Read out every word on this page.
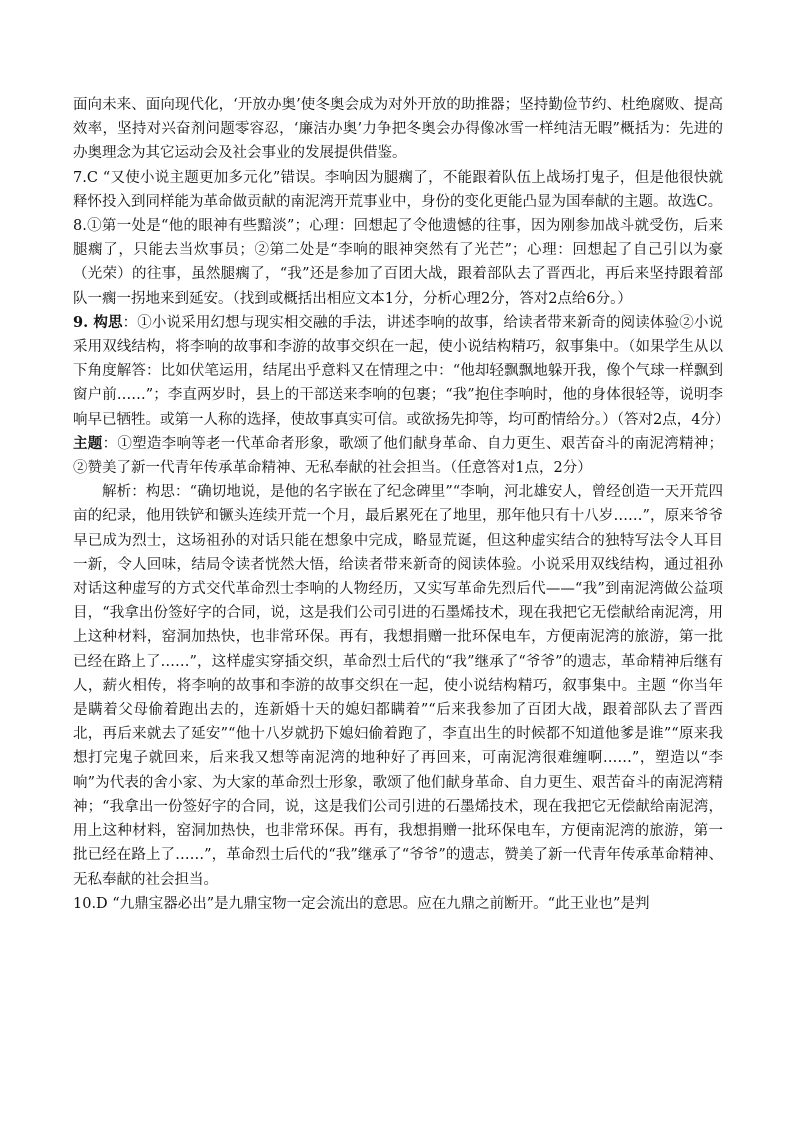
面向未来、面向现代化，‘开放办奥’使冬奥会成为对外开放的助推器；坚持勤俭节约、杜绝腐败、提高效率，坚持对兴奋剂问题零容忍，‘廉洁办奥’力争把冬奥会办得像冰雪一样纯洁无暇”概括为：先进的办奥理念为其它运动会及社会事业的发展提供借鉴。

7.C “又使小说主题更加多元化”错误。李响因为腿瘸了，不能跟着队伍上战场打鬼子，但是他很快就释怀投入到同样能为革命做贡献的南泥湾开荒事业中，身份的变化更能凸显为国奉献的主题。故选C。

8.①第一处是“他的眼神有些黯淡”；心理：回想起了令他遗憾的往事，因为刚参加战斗就受伤，后来腿瘸了，只能去当炊事员；②第二处是“李响的眼神突然有了光芒”；心理：回想起了自己引以为豪（光荣）的往事，虽然腿瘸了，“我”还是参加了百团大战，跟着部队去了晋西北，再后来坚持跟着部队一瘸一拐地来到延安。（找到或概括出相应文本1分，分析心理2分，答对2点给6分。）

9. 构思：①小说采用幻想与现实相交融的手法，讲述李响的故事，给读者带来新奇的阅读体验②小说采用双线结构，将李响的故事和李游的故事交织在一起，使小说结构精巧，叙事集中。（如果学生从以下角度解答：比如伏笔运用，结尾出乎意料又在情理之中：“他却轻飘飘地躲开我，像个气球一样飘到窗户前……”；李直两岁时，县上的干部送来李响的包裹；“我”抱住李响时，他的身体很轻等，说明李响早已牺牲。或第一人称的选择，使故事真实可信。或欲扬先抑等，均可酌情给分。）（答对2点，4分）

主题：①塑造李响等老一代革命者形象，歌颂了他们献身革命、自力更生、艰苦奋斗的南泥湾精神；②赞美了新一代青年传承革命精神、无私奉献的社会担当。（任意答对1点，2分）

解析：构思：“确切地说，是他的名字嵌在了纪念碑里”“李响，河北雄安人，曾经创造一天开荒四亩的纪录，他用铁铲和镢头连续开荒一个月，最后累死在了地里，那年他只有十八岁……”，原来爷爷早已成为烈士，这场祖孙的对话只能在想象中完成，略显荒诞，但这种虚实结合的独特写法令人耳目一新，令人回味，结局令读者恍然大悟，给读者带来新奇的阅读体验。小说采用双线结构，通过祖孙对话这种虚写的方式交代革命烈士李响的人物经历，又实写革命先烈后代——“我”到南泥湾做公益项目，“我拿出份签好字的合同，说，这是我们公司引进的石墨烯技术，现在我把它无偿献给南泥湾，用上这种材料，窑洞加热快，也非常环保。再有，我想捐赠一批环保电车，方便南泥湾的旅游，第一批已经在路上了……”，这样虚实穿插交织，革命烈士后代的“我”继承了“爷爷”的遗志，革命精神后继有人，薪火相传，将李响的故事和李游的故事交织在一起，使小说结构精巧，叙事集中。主题 “你当年是瞒着父母偷着跑出去的，连新婚十天的媳妇都瞒着”“后来我参加了百团大战，跟着部队去了晋西北，再后来就去了延安”“他十八岁就扔下媳妇偷着跑了，李直出生的时候都不知道他爹是谁”“原来我想打完鬼子就回来，后来我又想等南泥湾的地种好了再回来，可南泥湾很难缠啊……”，塑造以“李响”为代表的舍小家、为大家的革命烈士形象，歌颂了他们献身革命、自力更生、艰苦奋斗的南泥湾精神；“我拿出一份签好字的合同，说，这是我们公司引进的石墨烯技术，现在我把它无偿献给南泥湾，用上这种材料，窑洞加热快，也非常环保。再有，我想捐赠一批环保电车，方便南泥湾的旅游，第一批已经在路上了……”，革命烈士后代的“我”继承了“爷爷”的遗志，赞美了新一代青年传承革命精神、无私奉献的社会担当。

10.D “九鼎宝器必出”是九鼎宝物一定会流出的意思。应在九鼎之前断开。“此王业也”是判
